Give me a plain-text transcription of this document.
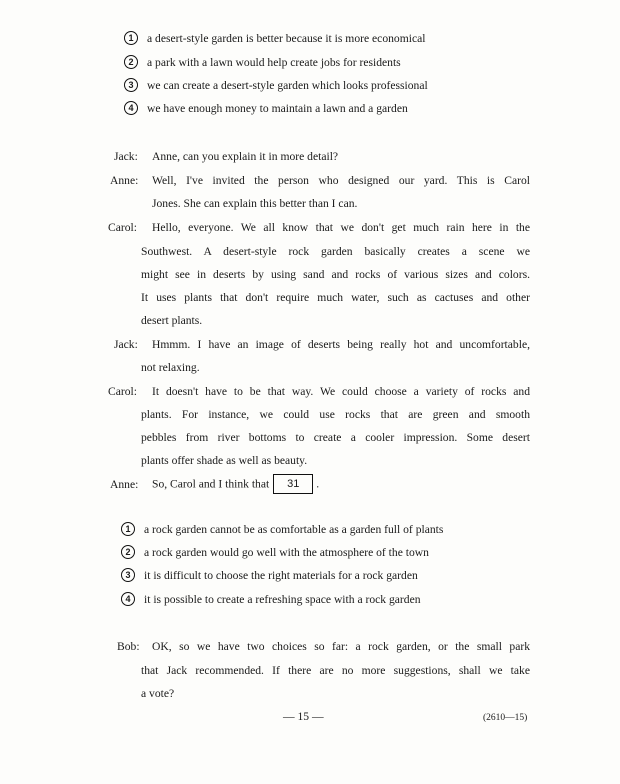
1 a desert-style garden is better because it is more economical
2 a park with a lawn would help create jobs for residents
3 we can create a desert-style garden which looks professional
4 we have enough money to maintain a lawn and a garden
Jack: Anne, can you explain it in more detail?
Anne: Well, I've invited the person who designed our yard. This is Carol
Jones. She can explain this better than I can.
Carol: Hello, everyone. We all know that we don't get much rain here in the
Southwest. A desert-style rock garden basically creates a scene we
might see in deserts by using sand and rocks of various sizes and colors.
It uses plants that don't require much water, such as cactuses and other
desert plants.
Jack: Hmmm. I have an image of deserts being really hot and uncomfortable,
not relaxing.
Carol: It doesn't have to be that way. We could choose a variety of rocks and
plants. For instance, we could use rocks that are green and smooth
pebbles from river bottoms to create a cooler impression. Some desert
plants offer shade as well as beauty.
Anne: So, Carol and I think that 31 .
1 a rock garden cannot be as comfortable as a garden full of plants
2 a rock garden would go well with the atmosphere of the town
3 it is difficult to choose the right materials for a rock garden
4 it is possible to create a refreshing space with a rock garden
Bob: OK, so we have two choices so far: a rock garden, or the small park
that Jack recommended. If there are no more suggestions, shall we take
a vote?
— 15 —	(2610—15)
